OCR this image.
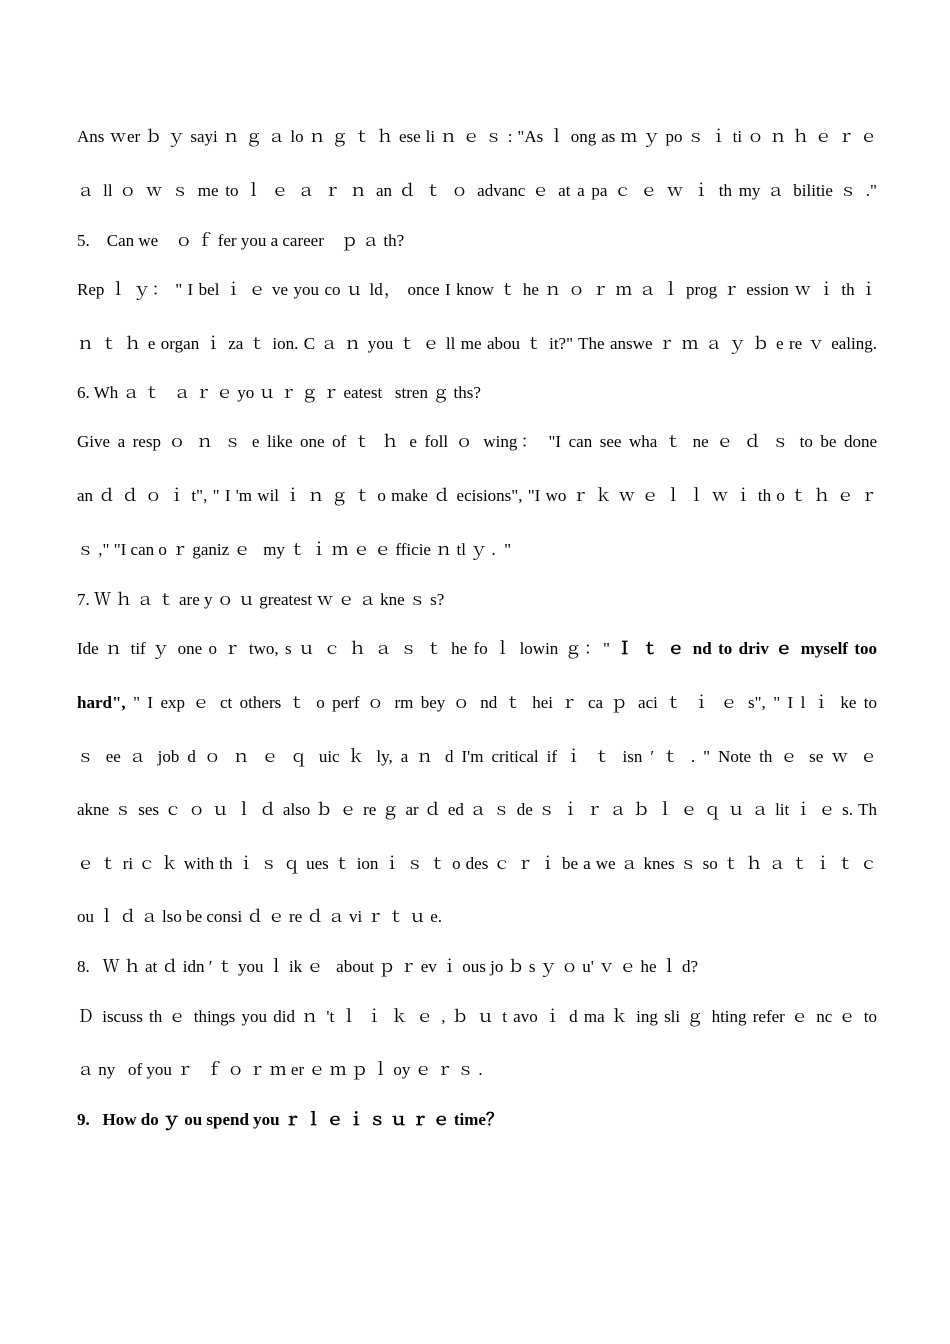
Ans ｗer ｂ ｙ sayi ｎ ｇ ａ lo ｎ ｇ ｔ ｈ ese li ｎ ｅ ｓ : "As ｌ ong as ｍ ｙ po ｓ ｉ ti ｏ ｎ ｈ ｅ ｒ ｅ
ａ ll ｏ ｗ ｓ me to ｌ ｅ ａ ｒ ｎ an ｄ ｔ ｏ advanc ｅ at a pa ｃ ｅ ｗ ｉ th my ａ bilitie ｓ ."
5.    Can we    ｏ ｆ fer you a career    ｐ ａ th?
Rep ｌ ｙ： " I bel ｉ ｅ ve you co ｕ ld， once I know ｔ he ｎ ｏ ｒ ｍ ａ ｌ prog ｒ ession ｗ ｉ th ｉ
ｎ ｔ ｈ e organ ｉ za ｔ ion. C ａ ｎ you ｔ ｅ ll me abou ｔ it?" The answe ｒ ｍ ａ ｙ ｂ e re ｖ ealing.
6. Wh ａ ｔ   ａ ｒ ｅ yo ｕ ｒ ｇ ｒ eatest   stren ｇ ths?
Give a resp ｏ ｎ ｓ e like one of ｔ ｈ e foll ｏ wing： "I can see wha ｔ ne ｅ ｄ ｓ to be done
an ｄ ｄ ｏ ｉ t", " I 'm wil ｉ ｎ ｇ ｔ o make ｄ ecisions", "I wo ｒ ｋ ｗ ｅ ｌ ｌ ｗ ｉ th o ｔ ｈ ｅ ｒ
ｓ ," "I can o ｒ ganiz ｅ   my ｔ ｉ ｍ ｅ ｅ fficie ｎ tl ｙ .  "
7. Ｗ ｈ ａ ｔ are y ｏ ｕ greatest ｗ ｅ ａ kne ｓ s?
Ide ｎ tif ｙ one o ｒ two, s ｕ ｃ ｈ ａ ｓ ｔ he fo ｌ lowin ｇ：" Ｉ ｔ ｅ nd to driv ｅ myself too
hard", " I exp ｅ ct others ｔ o perf ｏ rm bey ｏ nd ｔ hei ｒ ca ｐ aci ｔ ｉ ｅ s", " I l ｉ ke to
ｓ ee ａ job d ｏ ｎ ｅ ｑ uic ｋ ly, a ｎ d I'm critical if ｉ ｔ isn ′ ｔ . " Note th ｅ se ｗ ｅ
akne ｓ ses ｃ ｏ ｕ ｌ ｄ also ｂ ｅ re ｇ ar ｄ ed ａ ｓ de ｓ ｉ ｒ ａ ｂ ｌ ｅ ｑ ｕ ａ lit ｉ ｅ s. Th
ｅ ｔ ri ｃ ｋ with th ｉ ｓ ｑ ues ｔ ion ｉ ｓ ｔ o des ｃ ｒ ｉ be a we ａ knes ｓ so ｔ ｈ ａ ｔ ｉ ｔ ｃ
ou ｌ ｄ ａ lso be consi ｄ ｅ re ｄ ａ vi ｒ ｔ ｕ e.
8.   Ｗ ｈ at ｄ idn ′ ｔ you ｌ ik ｅ   about ｐ ｒ ev ｉ ous jo ｂ s ｙ ｏ u' ｖ ｅ he ｌ d?
Ｄ iscuss th ｅ things you did ｎ 't ｌ ｉ ｋ ｅ , ｂ ｕ t avo ｉ d ma ｋ ing sli ｇ hting refer ｅ nc ｅ to
ａ ny   of you ｒ   ｆ ｏ ｒ ｍ er ｅ ｍ ｐ ｌ oy ｅ ｒ ｓ .
9.   How do ｙ ou spend you ｒ ｌ ｅ ｉ ｓ ｕ ｒ ｅ time？
